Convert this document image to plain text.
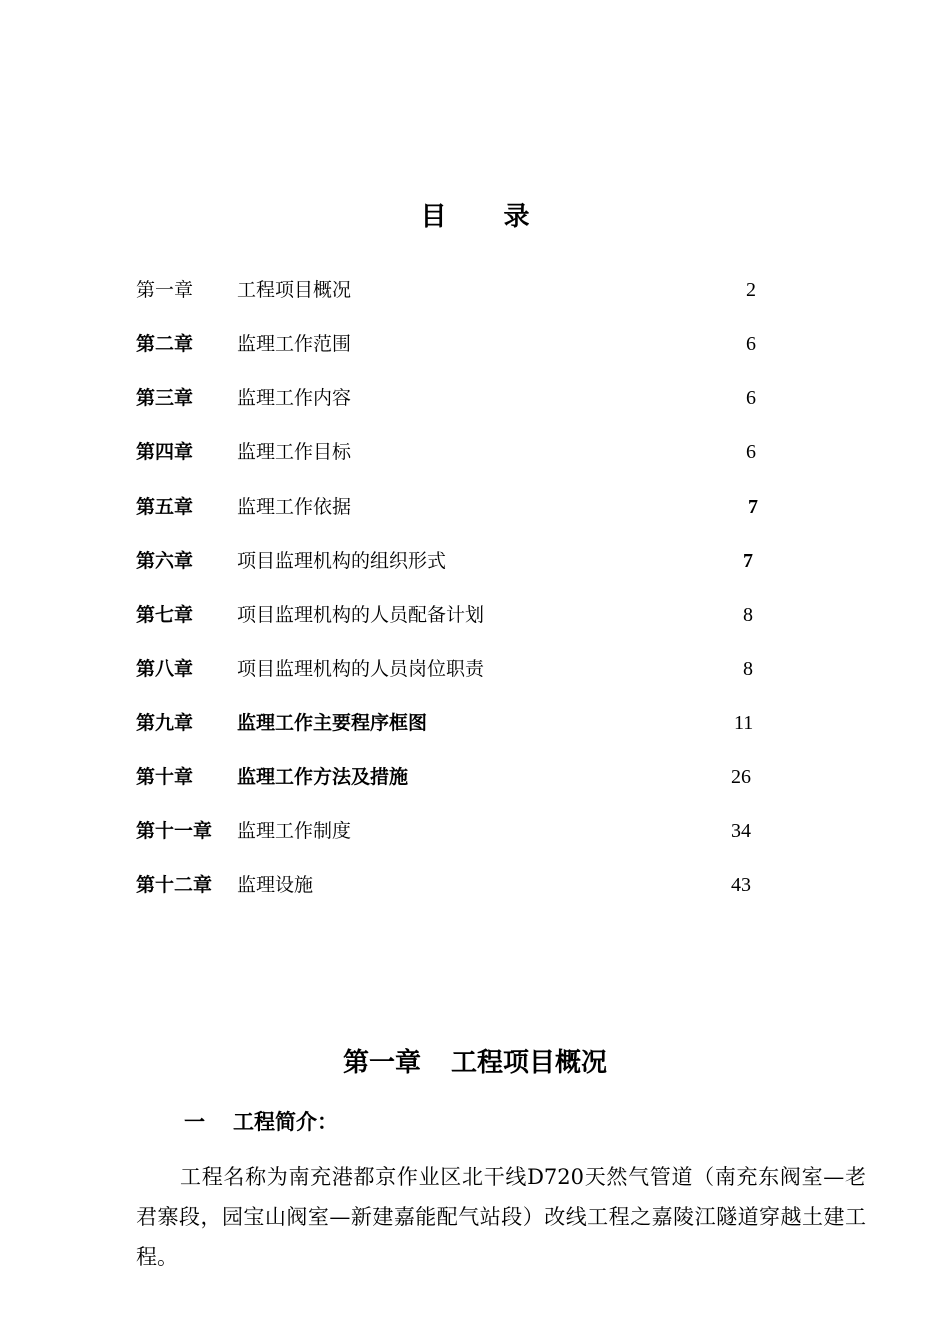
目 录
第一章 工程项目概况	2
第二章 监理工作范围	6
第三章 监理工作内容	6
第四章 监理工作目标	6
第五章 监理工作依据	7
第六章 项目监理机构的组织形式	7
第七章 项目监理机构的人员配备计划	8
第八章 项目监理机构的人员岗位职责	8
第九章 监理工作主要程序框图	11
第十章 监理工作方法及措施	26
第十一章 监理工作制度	34
第十二章 监理设施	43
第一章 工程项目概况
一 工程简介：
工程名称为南充港都京作业区北干线D720天然气管道（南充东阀室—老君寨段，园宝山阀室—新建嘉能配气站段）改线工程之嘉陵江隧道穿越土建工程。
